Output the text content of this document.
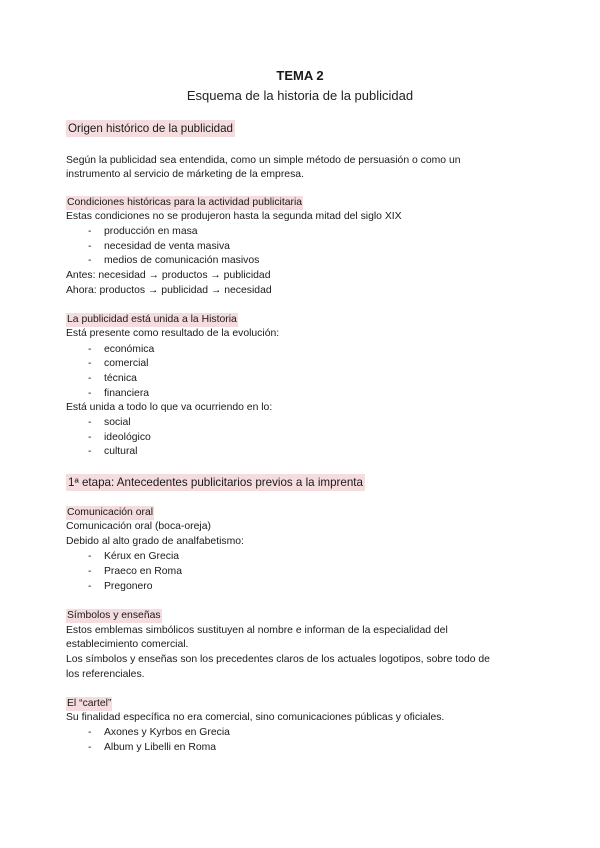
TEMA 2
Esquema de la historia de la publicidad
Origen histórico de la publicidad
Según la publicidad sea entendida, como un simple método de persuasión o como un
instrumento al servicio de márketing de la empresa.
Condiciones históricas para la actividad publicitaria
Estas condiciones no se produjeron hasta la segunda mitad del siglo XIX
- producción en masa
- necesidad de venta masiva
- medios de comunicación masivos
Antes: necesidad → productos → publicidad
Ahora: productos → publicidad → necesidad
La publicidad está unida a la Historia
Está presente como resultado de la evolución:
- económica
- comercial
- técnica
- financiera
Está unida a todo lo que va ocurriendo en lo:
- social
- ideológico
- cultural
1ª etapa: Antecedentes publicitarios previos a la imprenta
Comunicación oral
Comunicación oral (boca-oreja)
Debido al alto grado de analfabetismo:
- Kérux en Grecia
- Praeco en Roma
- Pregonero
Símbolos y enseñas
Estos emblemas simbólicos sustituyen al nombre e informan de la especialidad del
establecimiento comercial.
Los símbolos y enseñas son los precedentes claros de los actuales logotipos, sobre todo de
los referenciales.
El “cartel”
Su finalidad específica no era comercial, sino comunicaciones públicas y oficiales.
- Axones y Kyrbos en Grecia
- Album y Libelli en Roma
